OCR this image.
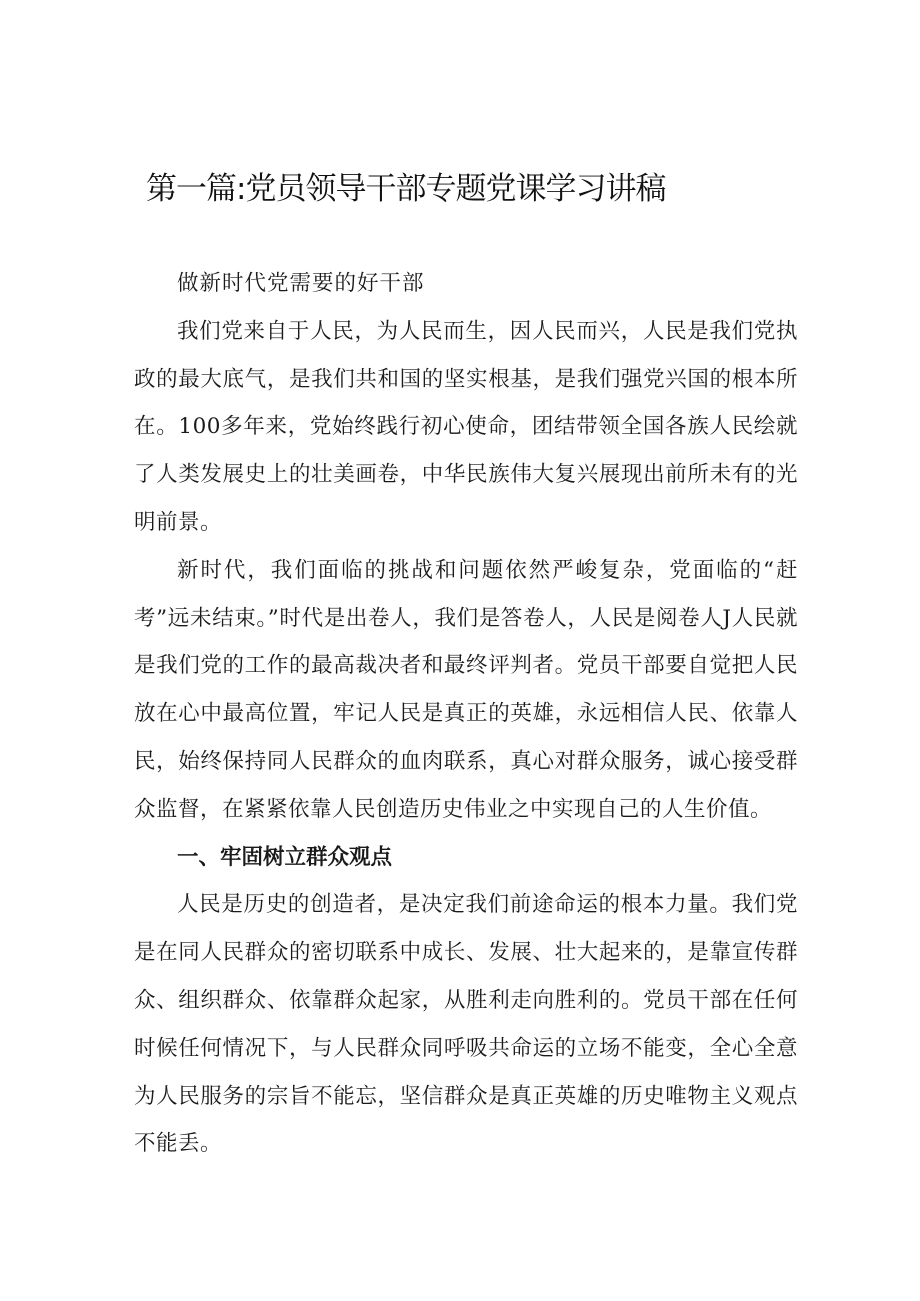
第一篇:党员领导干部专题党课学习讲稿

做新时代党需要的好干部

我们党来自于人民，为人民而生，因人民而兴，人民是我们党执政的最大底气，是我们共和国的坚实根基，是我们强党兴国的根本所在。100多年来，党始终践行初心使命，团结带领全国各族人民绘就了人类发展史上的壮美画卷，中华民族伟大复兴展现出前所未有的光明前景。

新时代，我们面临的挑战和问题依然严峻复杂，党面临的“赶考”远未结束。”时代是出卷人，我们是答卷人，人民是阅卷人J人民就是我们党的工作的最高裁决者和最终评判者。党员干部要自觉把人民放在心中最高位置，牢记人民是真正的英雄，永远相信人民、依靠人民，始终保持同人民群众的血肉联系，真心对群众服务，诚心接受群众监督，在紧紧依靠人民创造历史伟业之中实现自己的人生价值。

一、牢固树立群众观点

人民是历史的创造者，是决定我们前途命运的根本力量。我们党是在同人民群众的密切联系中成长、发展、壮大起来的，是靠宣传群众、组织群众、依靠群众起家，从胜利走向胜利的。党员干部在任何时候任何情况下，与人民群众同呼吸共命运的立场不能变，全心全意为人民服务的宗旨不能忘，坚信群众是真正英雄的历史唯物主义观点不能丢。
